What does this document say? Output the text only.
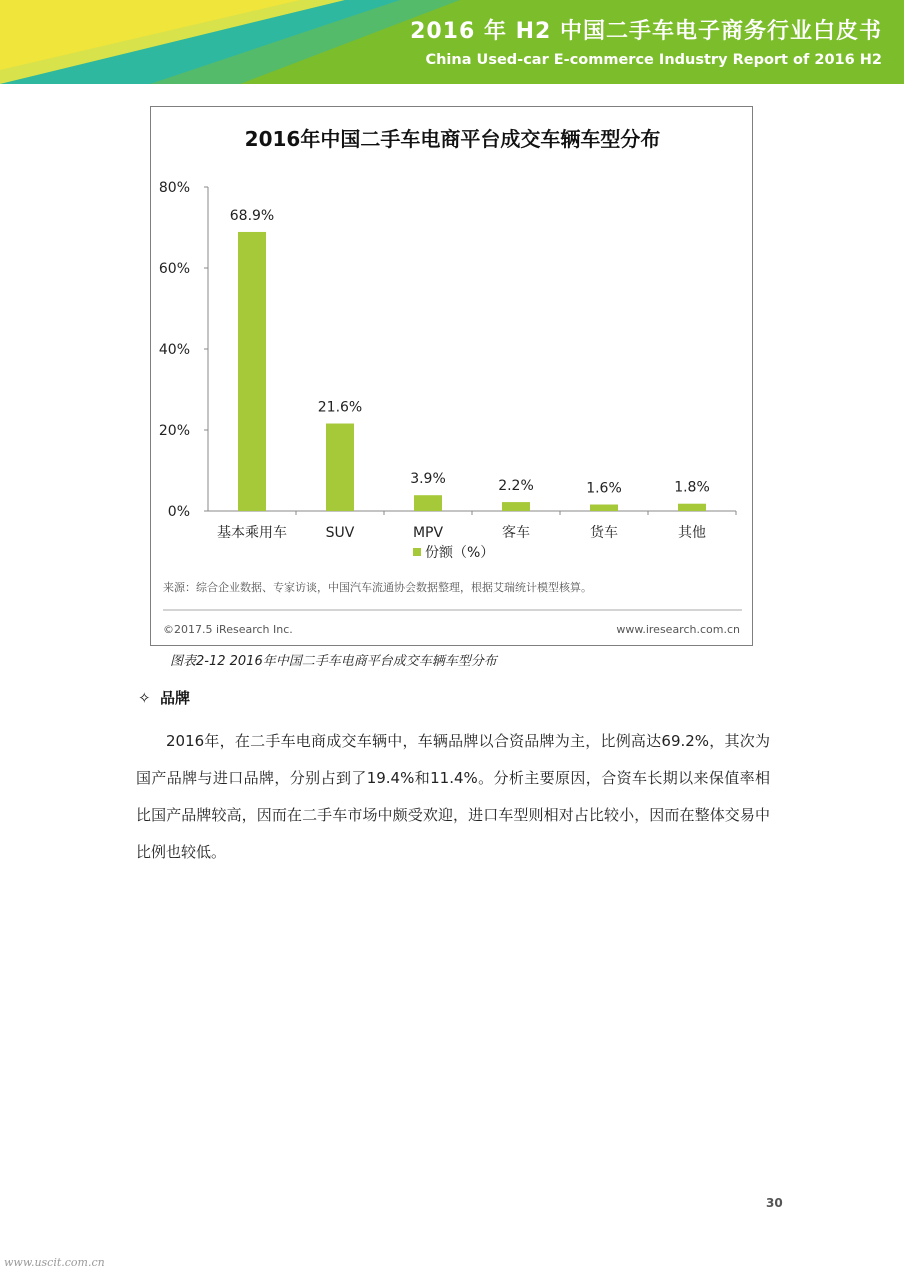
2016 年 H2 中国二手车电子商务行业白皮书
China Used-car E-commerce Industry Report of 2016 H2
2016年中国二手车电商平台成交车辆车型分布
0%
20%
40%
60%
80%
68.9%
基本乘用车
21.6%
SUV
3.9%
MPV
2.2%
客车
1.6%
货车
1.8%
其他
份额（%）
来源：综合企业数据、专家访谈，中国汽车流通协会数据整理，根据艾瑞统计模型核算。
©2017.5 iResearch Inc.	www.iresearch.com.cn
图表2-12 2016年中国二手车电商平台成交车辆车型分布
✧ 品牌
2016年，在二手车电商成交车辆中，车辆品牌以合资品牌为主，比例高达69.2%，其次为国产品牌与进口品牌，分别占到了19.4%和11.4%。分析主要原因，合资车长期以来保值率相比国产品牌较高，因而在二手车市场中颇受欢迎，进口车型则相对占比较小，因而在整体交易中比例也较低。
30
www.uscit.com.cn
